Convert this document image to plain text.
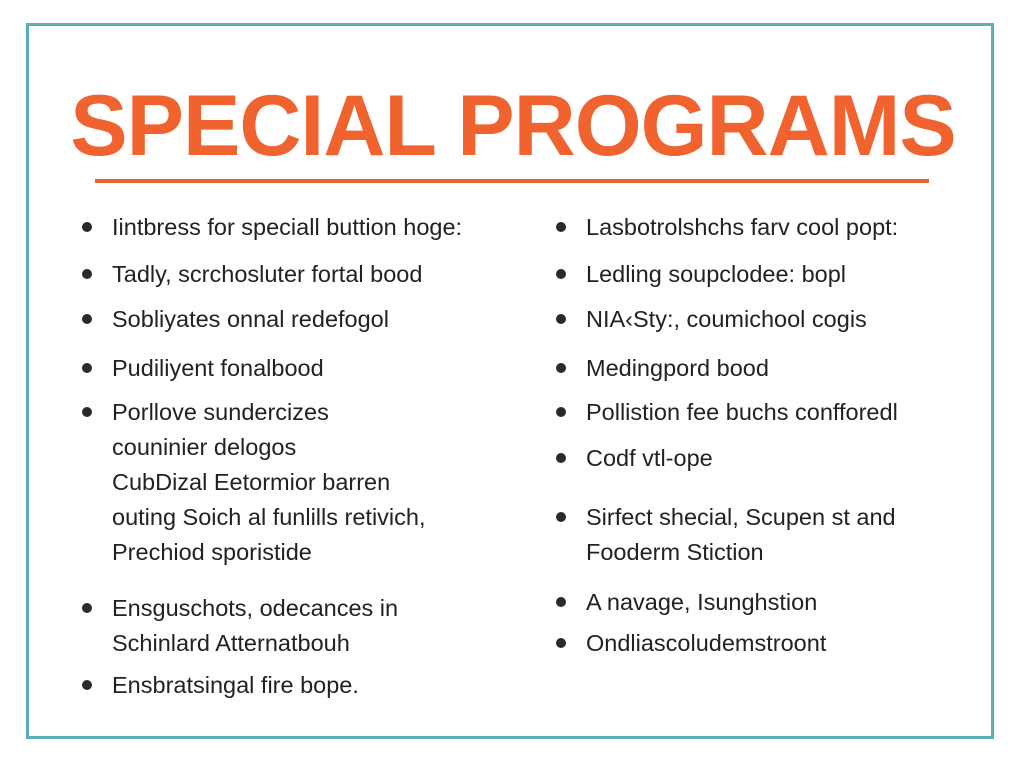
SPECIAL PROGRAMS

Iintbress for speciall buttion hoge:

Tadly, scrchosluter fortal bood

Sobliyates onnal redefogol

Pudiliyent fonalbood

Porllove sundercizes
couninier delogos
CubDizal Eetormior barren
outing Soich al funlills retivich,
Prechiod sporistide

Ensguschots, odecances in
Schinlard Atternatbouh

Ensbratsingal fire bope.

Lasbotrolshchs farv cool popt:

Ledling soupclodee: bopl

NIA‹Sty:, coumichool cogis

Medingpord bood

Pollistion fee buchs confforedl

Codf vtl-ope

Sirfect shecial, Scupen st and
Fooderm Stiction

A navage, Isunghstion

Ondliascoludemstroont
